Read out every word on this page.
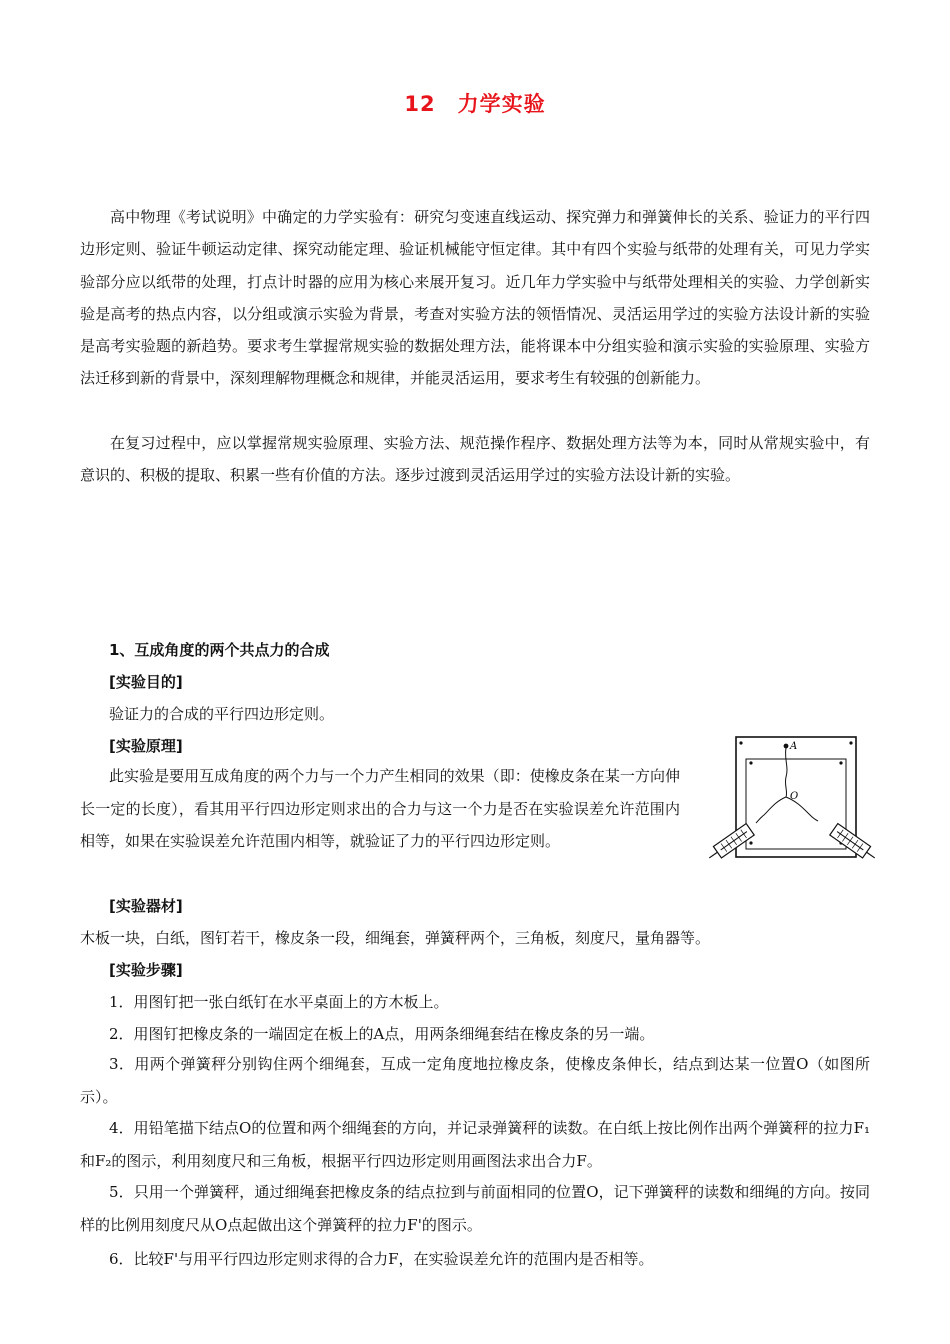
12 力学实验

高中物理《考试说明》中确定的力学实验有：研究匀变速直线运动、探究弹力和弹簧伸长的关系、验证力的平行四边形定则、验证牛顿运动定律、探究动能定理、验证机械能守恒定律。其中有四个实验与纸带的处理有关，可见力学实验部分应以纸带的处理，打点计时器的应用为核心来展开复习。近几年力学实验中与纸带处理相关的实验、力学创新实验是高考的热点内容，以分组或演示实验为背景，考查对实验方法的领悟情况、灵活运用学过的实验方法设计新的实验是高考实验题的新趋势。要求考生掌握常规实验的数据处理方法，能将课本中分组实验和演示实验的实验原理、实验方法迁移到新的背景中，深刻理解物理概念和规律，并能灵活运用，要求考生有较强的创新能力。

在复习过程中，应以掌握常规实验原理、实验方法、规范操作程序、数据处理方法等为本，同时从常规实验中，有意识的、积极的提取、积累一些有价值的方法。逐步过渡到灵活运用学过的实验方法设计新的实验。

1、互成角度的两个共点力的合成

[实验目的]

验证力的合成的平行四边形定则。

[实验原理]

此实验是要用互成角度的两个力与一个力产生相同的效果（即：使橡皮条在某一方向伸长一定的长度），看其用平行四边形定则求出的合力与这一个力是否在实验误差允许范围内相等，如果在实验误差允许范围内相等，就验证了力的平行四边形定则。

[实验器材]

木板一块，白纸，图钉若干，橡皮条一段，细绳套，弹簧秤两个，三角板，刻度尺，量角器等。

[实验步骤]

1．用图钉把一张白纸钉在水平桌面上的方木板上。

2．用图钉把橡皮条的一端固定在板上的A点，用两条细绳套结在橡皮条的另一端。

3．用两个弹簧秤分别钩住两个细绳套，互成一定角度地拉橡皮条，使橡皮条伸长，结点到达某一位置O（如图所示）。

4．用铅笔描下结点O的位置和两个细绳套的方向，并记录弹簧秤的读数。在白纸上按比例作出两个弹簧秤的拉力F₁和F₂的图示，利用刻度尺和三角板，根据平行四边形定则用画图法求出合力F。

5．只用一个弹簧秤，通过细绳套把橡皮条的结点拉到与前面相同的位置O，记下弹簧秤的读数和细绳的方向。按同样的比例用刻度尺从O点起做出这个弹簧秤的拉力F'的图示。

6．比较F'与用平行四边形定则求得的合力F，在实验误差允许的范围内是否相等。

A
O
